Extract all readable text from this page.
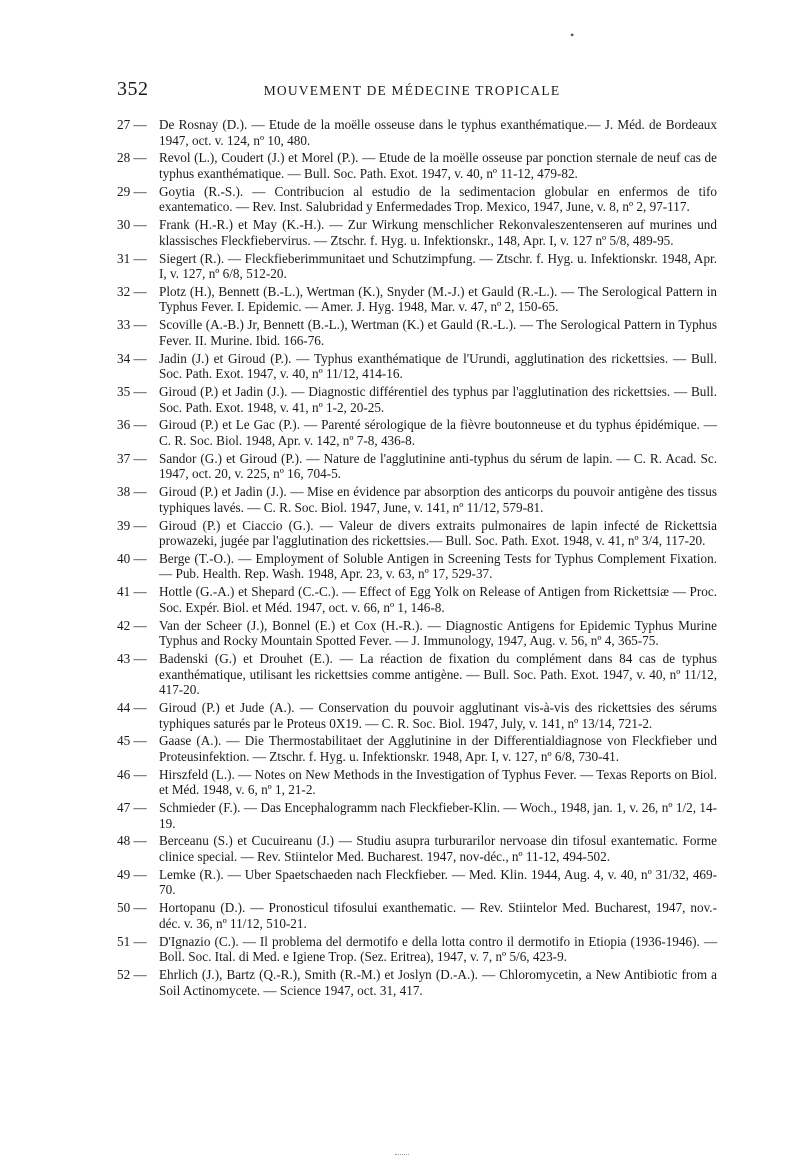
•
352	MOUVEMENT DE MÉDECINE TROPICALE
27 — De Rosnay (D.). — Etude de la moëlle osseuse dans le typhus exanthématique.— J. Méd. de Bordeaux 1947, oct. v. 124, nº 10, 480.
28 — Revol (L.), Coudert (J.) et Morel (P.). — Etude de la moëlle osseuse par ponction sternale de neuf cas de typhus exanthématique. — Bull. Soc. Path. Exot. 1947, v. 40, nº 11-12, 479-82.
29 — Goytia (R.-S.). — Contribucion al estudio de la sedimentacion globular en enfermos de tifo exantematico. — Rev. Inst. Salubridad y Enfermedades Trop. Mexico, 1947, June, v. 8, nº 2, 97-117.
30 — Frank (H.-R.) et May (K.-H.). — Zur Wirkung menschlicher Rekonvaleszentenseren auf murines und klassisches Fleckfiebervirus. — Ztschr. f. Hyg. u. Infektionskr., 148, Apr. I, v. 127 nº 5/8, 489-95.
31 — Siegert (R.). — Fleckfieberimmunitaet und Schutzimpfung. — Ztschr. f. Hyg. u. Infektionskr. 1948, Apr. I, v. 127, nº 6/8, 512-20.
32 — Plotz (H.), Bennett (B.-L.), Wertman (K.), Snyder (M.-J.) et Gauld (R.-L.). — The Serological Pattern in Typhus Fever. I. Epidemic. — Amer. J. Hyg. 1948, Mar. v. 47, nº 2, 150-65.
33 — Scoville (A.-B.) Jr, Bennett (B.-L.), Wertman (K.) et Gauld (R.-L.). — The Serological Pattern in Typhus Fever. II. Murine. Ibid. 166-76.
34 — Jadin (J.) et Giroud (P.). — Typhus exanthématique de l'Urundi, agglutination des rickettsies. — Bull. Soc. Path. Exot. 1947, v. 40, nº 11/12, 414-16.
35 — Giroud (P.) et Jadin (J.). — Diagnostic différentiel des typhus par l'agglutination des rickettsies. — Bull. Soc. Path. Exot. 1948, v. 41, nº 1-2, 20-25.
36 — Giroud (P.) et Le Gac (P.). — Parenté sérologique de la fièvre boutonneuse et du typhus épidémique. — C. R. Soc. Biol. 1948, Apr. v. 142, nº 7-8, 436-8.
37 — Sandor (G.) et Giroud (P.). — Nature de l'agglutinine anti-typhus du sérum de lapin. — C. R. Acad. Sc. 1947, oct. 20, v. 225, nº 16, 704-5.
38 — Giroud (P.) et Jadin (J.). — Mise en évidence par absorption des anticorps du pouvoir antigène des tissus typhiques lavés. — C. R. Soc. Biol. 1947, June, v. 141, nº 11/12, 579-81.
39 — Giroud (P.) et Ciaccio (G.). — Valeur de divers extraits pulmonaires de lapin infecté de Rickettsia prowazeki, jugée par l'agglutination des rickettsies.— Bull. Soc. Path. Exot. 1948, v. 41, nº 3/4, 117-20.
40 — Berge (T.-O.). — Employment of Soluble Antigen in Screening Tests for Typhus Complement Fixation. — Pub. Health. Rep. Wash. 1948, Apr. 23, v. 63, nº 17, 529-37.
41 — Hottle (G.-A.) et Shepard (C.-C.). — Effect of Egg Yolk on Release of Antigen from Rickettsiæ — Proc. Soc. Expér. Biol. et Méd. 1947, oct. v. 66, nº 1, 146-8.
42 — Van der Scheer (J.), Bonnel (E.) et Cox (H.-R.). — Diagnostic Antigens for Epidemic Typhus Murine Typhus and Rocky Mountain Spotted Fever. — J. Immunology, 1947, Aug. v. 56, nº 4, 365-75.
43 — Badenski (G.) et Drouhet (E.). — La réaction de fixation du complément dans 84 cas de typhus exanthématique, utilisant les rickettsies comme antigène. — Bull. Soc. Path. Exot. 1947, v. 40, nº 11/12, 417-20.
44 — Giroud (P.) et Jude (A.). — Conservation du pouvoir agglutinant vis-à-vis des rickettsies des sérums typhiques saturés par le Proteus 0X19. — C. R. Soc. Biol. 1947, July, v. 141, nº 13/14, 721-2.
45 — Gaase (A.). — Die Thermostabilitaet der Agglutinine in der Differentialdiagnose von Fleckfieber und Proteusinfektion. — Ztschr. f. Hyg. u. Infektionskr. 1948, Apr. I, v. 127, nº 6/8, 730-41.
46 — Hirszfeld (L.). — Notes on New Methods in the Investigation of Typhus Fever. — Texas Reports on Biol. et Méd. 1948, v. 6, nº 1, 21-2.
47 — Schmieder (F.). — Das Encephalogramm nach Fleckfieber-Klin. — Woch., 1948, jan. 1, v. 26, nº 1/2, 14-19.
48 — Berceanu (S.) et Cucuireanu (J.) — Studiu asupra turburarilor nervoase din tifosul exantematic. Forme clinice special. — Rev. Stiintelor Med. Bucharest. 1947, nov-déc., nº 11-12, 494-502.
49 — Lemke (R.). — Uber Spaetschaeden nach Fleckfieber. — Med. Klin. 1944, Aug. 4, v. 40, nº 31/32, 469-70.
50 — Hortopanu (D.). — Pronosticul tifosului exanthematic. — Rev. Stiintelor Med. Bucharest, 1947, nov.-déc. v. 36, nº 11/12, 510-21.
51 — D'Ignazio (C.). — Il problema del dermotifo e della lotta contro il dermotifo in Etiopia (1936-1946). — Boll. Soc. Ital. di Med. e Igiene Trop. (Sez. Eritrea), 1947, v. 7, nº 5/6, 423-9.
52 — Ehrlich (J.), Bartz (Q.-R.), Smith (R.-M.) et Joslyn (D.-A.). — Chloromycetin, a New Antibiotic from a Soil Actinomycete. — Science 1947, oct. 31, 417.
